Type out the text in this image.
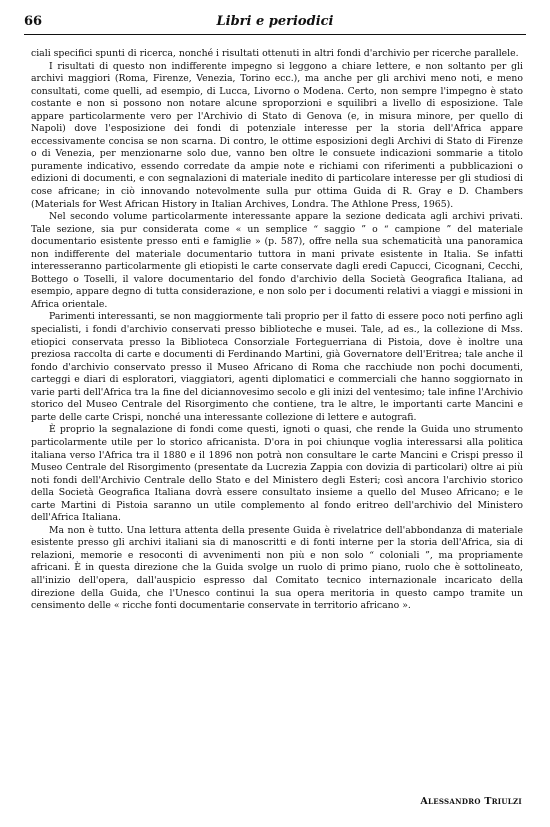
66	Libri e periodici

ciali specifici spunti di ricerca, nonché i risultati ottenuti in altri fondi d'archivio per ricerche parallele.

I risultati di questo non indifferente impegno si leggono a chiare lettere, e non soltanto per gli archivi maggiori (Roma, Firenze, Venezia, Torino ecc.), ma anche per gli archivi meno noti, e meno consultati, come quelli, ad esempio, di Lucca, Livorno o Modena. Certo, non sempre l'impegno è stato costante e non si possono non notare alcune sproporzioni e squilibri a livello di esposizione. Tale appare particolarmente vero per l'Archivio di Stato di Genova (e, in misura minore, per quello di Napoli) dove l'esposizione dei fondi di potenziale interesse per la storia dell'Africa appare eccessivamente concisa se non scarna. Di contro, le ottime esposizioni degli Archivi di Stato di Firenze o di Venezia, per menzionarne solo due, vanno ben oltre le consuete indicazioni sommarie a titolo puramente indicativo, essendo corredate da ampie note e richiami con riferimenti a pubblicazioni o edizioni di documenti, e con segnalazioni di materiale inedito di particolare interesse per gli studiosi di cose africane; in ciò innovando notevolmente sulla pur ottima Guida di R. Gray e D. Chambers (Materials for West African History in Italian Archives, Londra. The Athlone Press, 1965).

Nel secondo volume particolarmente interessante appare la sezione dedicata agli archivi privati. Tale sezione, sia pur considerata come « un semplice “ saggio ” o “ campione ” del materiale documentario esistente presso enti e famiglie » (p. 587), offre nella sua schematicità una panoramica non indifferente del materiale documentario tuttora in mani private esistente in Italia. Se infatti interesseranno particolarmente gli etiopisti le carte conservate dagli eredi Capucci, Cicognani, Cecchi, Bottego o Toselli, il valore documentario del fondo d'archivio della Società Geografica Italiana, ad esempio, appare degno di tutta considerazione, e non solo per i documenti relativi a viaggi e missioni in Africa orientale.

Parimenti interessanti, se non maggiormente tali proprio per il fatto di essere poco noti perfino agli specialisti, i fondi d'archivio conservati presso biblioteche e musei. Tale, ad es., la collezione di Mss. etiopici conservata presso la Biblioteca Consorziale Forteguerriana di Pistoia, dove è inoltre una preziosa raccolta di carte e documenti di Ferdinando Martini, già Governatore dell'Eritrea; tale anche il fondo d'archivio conservato presso il Museo Africano di Roma che racchiude non pochi documenti, carteggi e diari di esploratori, viaggiatori, agenti diplomatici e commerciali che hanno soggiornato in varie parti dell'Africa tra la fine del diciannovesimo secolo e gli inizi del ventesimo; tale infine l'Archivio storico del Museo Centrale del Risorgimento che contiene, tra le altre, le importanti carte Mancini e parte delle carte Crispi, nonché una interessante collezione di lettere e autografi.

È proprio la segnalazione di fondi come questi, ignoti o quasi, che rende la Guida uno strumento particolarmente utile per lo storico africanista. D'ora in poi chiunque voglia interessarsi alla politica italiana verso l'Africa tra il 1880 e il 1896 non potrà non consultare le carte Mancini e Crispi presso il Museo Centrale del Risorgimento (presentate da Lucrezia Zappia con dovizia di particolari) oltre ai più noti fondi dell'Archivio Centrale dello Stato e del Ministero degli Esteri; così ancora l'archivio storico della Società Geografica Italiana dovrà essere consultato insieme a quello del Museo Africano; e le carte Martini di Pistoia saranno un utile complemento al fondo eritreo dell'archivio del Ministero dell'Africa Italiana.

Ma non è tutto. Una lettura attenta della presente Guida è rivelatrice dell'abbondanza di materiale esistente presso gli archivi italiani sia di manoscritti e di fonti interne per la storia dell'Africa, sia di relazioni, memorie e resoconti di avvenimenti non più e non solo “ coloniali ”, ma propriamente africani. È in questa direzione che la Guida svolge un ruolo di primo piano, ruolo che è sottolineato, all'inizio dell'opera, dall'auspicio espresso dal Comitato tecnico internazionale incaricato della direzione della Guida, che l'Unesco continui la sua opera meritoria in questo campo tramite un censimento delle « ricche fonti documentarie conservate in territorio africano ».

Alessandro Triulzi
